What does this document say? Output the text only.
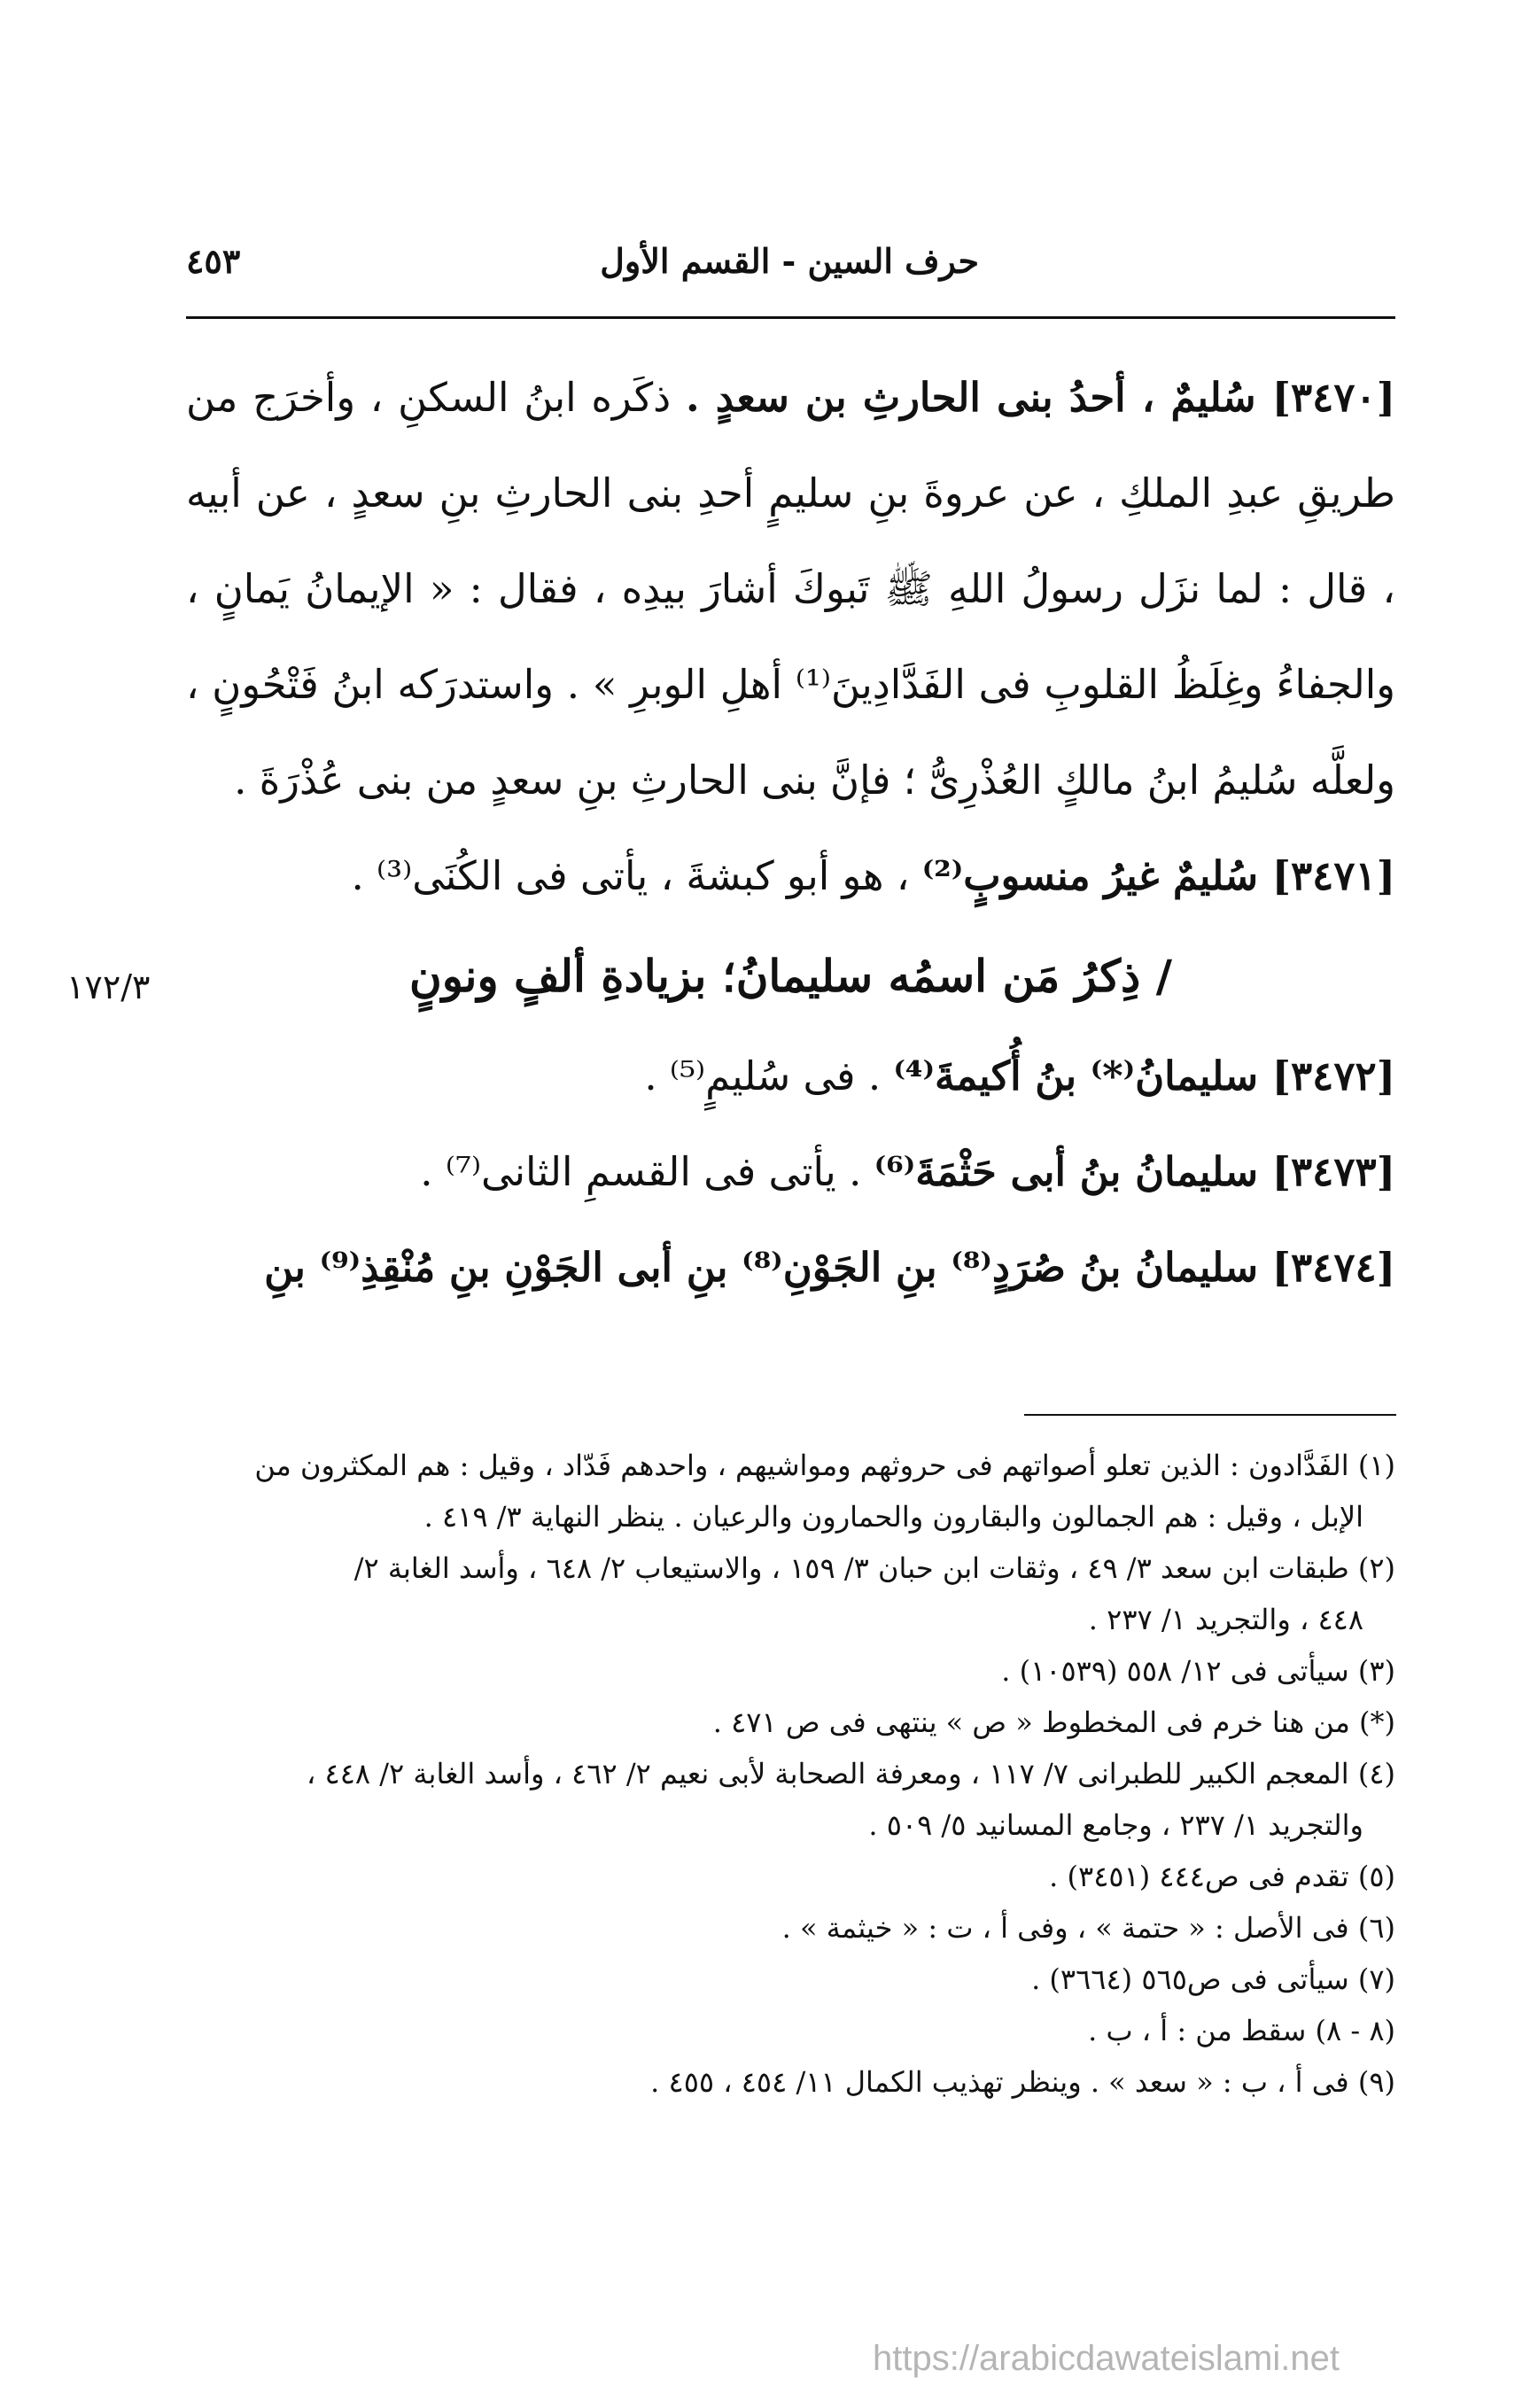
حرف السين - القسم الأول
٤٥٣
١٧٢/٣

[٣٤٧٠] سُليمٌ ، أحدُ بنى الحارثِ بن سعدٍ . ذكَره ابنُ السكنِ ، وأخرَج من طريقِ عبدِ الملكِ ، عن عروةَ بنِ سليمٍ أحدِ بنى الحارثِ بنِ سعدٍ ، عن أبيه ، قال : لما نزَل رسولُ اللهِ ﷺ تَبوكَ أشارَ بيدِه ، فقال : « الإيمانُ يَمانٍ ، والجفاءُ وغِلَظُ القلوبِ فى الفَدَّادِينَ⁽¹⁾ أهلِ الوبرِ » . واستدرَكه ابنُ فَتْحُونٍ ، ولعلَّه سُليمُ ابنُ مالكٍ العُذْرِىُّ ؛ فإنَّ بنى الحارثِ بنِ سعدٍ من بنى عُذْرَةَ .

[٣٤٧١] سُليمٌ غيرُ منسوبٍ⁽²⁾ ، هو أبو كبشةَ ، يأتى فى الكُنَى⁽³⁾ .

/ ذِكرُ مَن اسمُه سليمانُ؛ بزيادةِ ألفٍ ونونٍ

[٣٤٧٢] سليمانُ⁽*⁾ بنُ أُكيمةَ⁽⁴⁾ . فى سُليمٍ⁽⁵⁾ .

[٣٤٧٣] سليمانُ بنُ أبى حَثْمَةَ⁽⁶⁾ . يأتى فى القسمِ الثانى⁽⁷⁾ .

[٣٤٧٤] سليمانُ بنُ صُرَدٍ⁽⁸⁾ بنِ الجَوْنِ⁽⁸⁾ بنِ أبى الجَوْنِ بنِ مُنْقِذِ⁽⁹⁾ بنِ

(١) الفَدَّادون : الذين تعلو أصواتهم فى حروثهم ومواشيهم ، واحدهم فَدّاد ، وقيل : هم المكثرون من

الإبل ، وقيل : هم الجمالون والبقارون والحمارون والرعيان . ينظر النهاية ٣/ ٤١٩ .

(٢) طبقات ابن سعد ٣/ ٤٩ ، وثقات ابن حبان ٣/ ١٥٩ ، والاستيعاب ٢/ ٦٤٨ ، وأسد الغابة ٢/

٤٤٨ ، والتجريد ١/ ٢٣٧ .

(٣) سيأتى فى ١٢/ ٥٥٨ (١٠٥٣٩) .

(*) من هنا خرم فى المخطوط « ص » ينتهى فى ص ٤٧١ .

(٤) المعجم الكبير للطبرانى ٧/ ١١٧ ، ومعرفة الصحابة لأبى نعيم ٢/ ٤٦٢ ، وأسد الغابة ٢/ ٤٤٨ ،

والتجريد ١/ ٢٣٧ ، وجامع المسانيد ٥/ ٥٠٩ .

(٥) تقدم فى ص٤٤٤ (٣٤٥١) .

(٦) فى الأصل : « حتمة » ، وفى أ ، ت : « خيثمة » .

(٧) سيأتى فى ص٥٦٥ (٣٦٦٤) .

(٨ - ٨) سقط من : أ ، ب .

(٩) فى أ ، ب : « سعد » . وينظر تهذيب الكمال ١١/ ٤٥٤ ، ٤٥٥ .

https://arabicdawateislami.net
